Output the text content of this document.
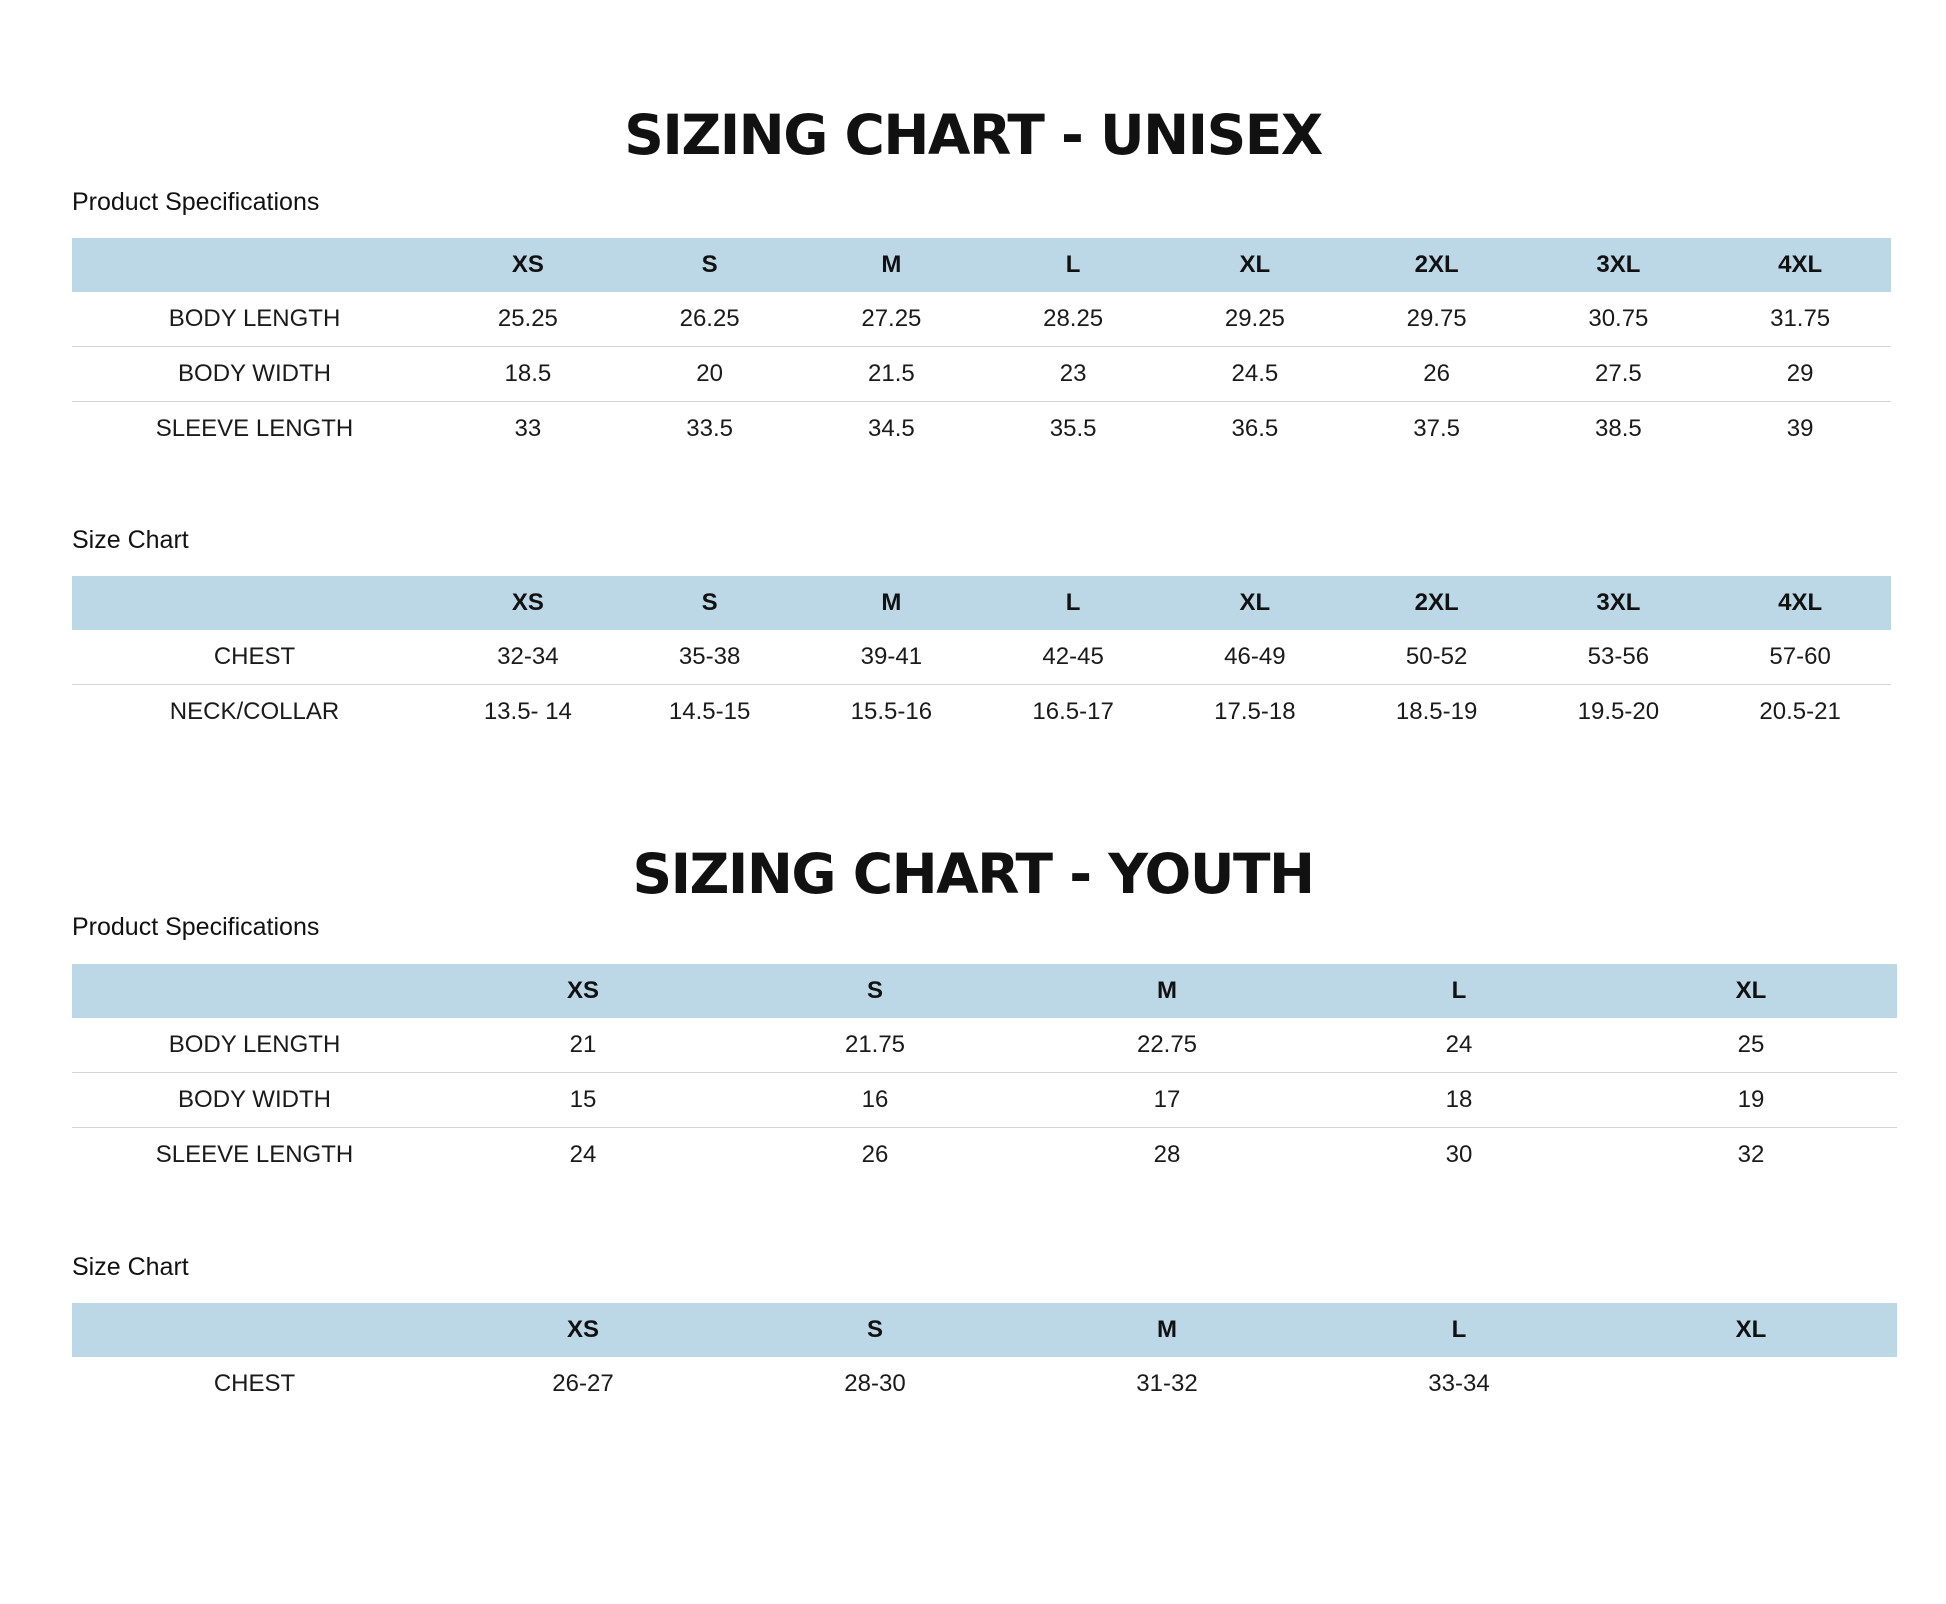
SIZING CHART - UNISEX
Product Specifications
	XS	S	M	L	XL	2XL	3XL	4XL
BODY LENGTH	25.25	26.25	27.25	28.25	29.25	29.75	30.75	31.75
BODY WIDTH	18.5	20	21.5	23	24.5	26	27.5	29
SLEEVE LENGTH	33	33.5	34.5	35.5	36.5	37.5	38.5	39
Size Chart
	XS	S	M	L	XL	2XL	3XL	4XL
CHEST	32-34	35-38	39-41	42-45	46-49	50-52	53-56	57-60
NECK/COLLAR	13.5- 14	14.5-15	15.5-16	16.5-17	17.5-18	18.5-19	19.5-20	20.5-21
SIZING CHART - YOUTH
Product Specifications
	XS	S	M	L	XL
BODY LENGTH	21	21.75	22.75	24	25
BODY WIDTH	15	16	17	18	19
SLEEVE LENGTH	24	26	28	30	32
Size Chart
	XS	S	M	L	XL
CHEST	26-27	28-30	31-32	33-34	
